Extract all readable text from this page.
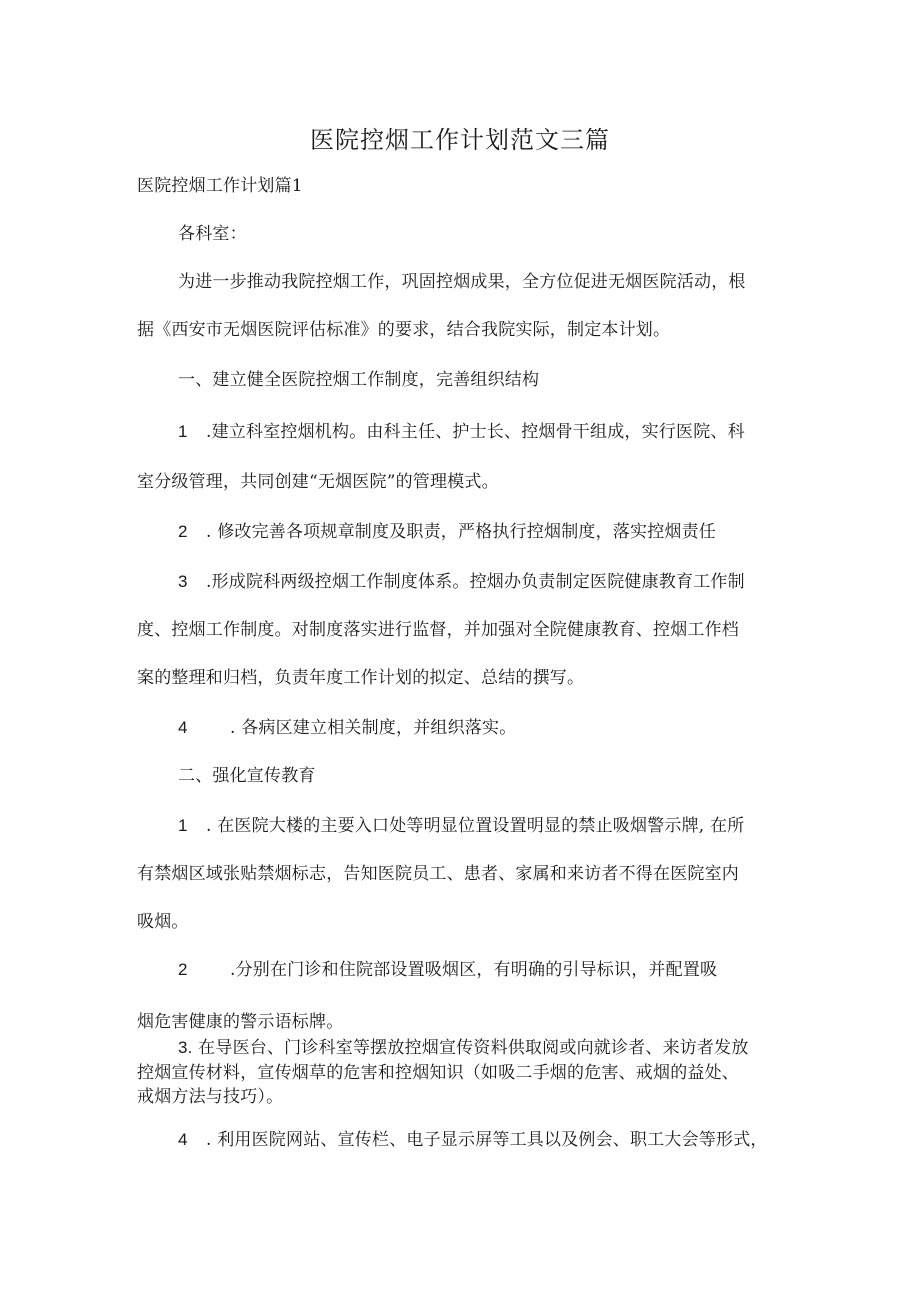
医院控烟工作计划范文三篇
医院控烟工作计划篇1
各科室：
为进一步推动我院控烟工作，巩固控烟成果，全方位促进无烟医院活动，根
据《西安市无烟医院评估标准》的要求，结合我院实际，制定本计划。
一、建立健全医院控烟工作制度，完善组织结构
1 .建立科室控烟机构。由科主任、护士长、控烟骨干组成，实行医院、科
室分级管理，共同创建“无烟医院”的管理模式。
2 . 修改完善各项规章制度及职责，严格执行控烟制度，落实控烟责任
3 .形成院科两级控烟工作制度体系。控烟办负责制定医院健康教育工作制
度、控烟工作制度。对制度落实进行监督，并加强对全院健康教育、控烟工作档
案的整理和归档，负责年度工作计划的拟定、总结的撰写。
4 . 各病区建立相关制度，并组织落实。
二、强化宣传教育
1 . 在医院大楼的主要入口处等明显位置设置明显的禁止吸烟警示牌, 在所
有禁烟区域张贴禁烟标志，告知医院员工、患者、家属和来访者不得在医院室内
吸烟。
2 .分别在门诊和住院部设置吸烟区，有明确的引导标识，并配置吸
烟危害健康的警示语标牌。
3. 在导医台、门诊科室等摆放控烟宣传资料供取阅或向就诊者、来访者发放
控烟宣传材料，宣传烟草的危害和控烟知识（如吸二手烟的危害、戒烟的益处、
戒烟方法与技巧）。
4 . 利用医院网站、宣传栏、电子显示屏等工具以及例会、职工大会等形式，
